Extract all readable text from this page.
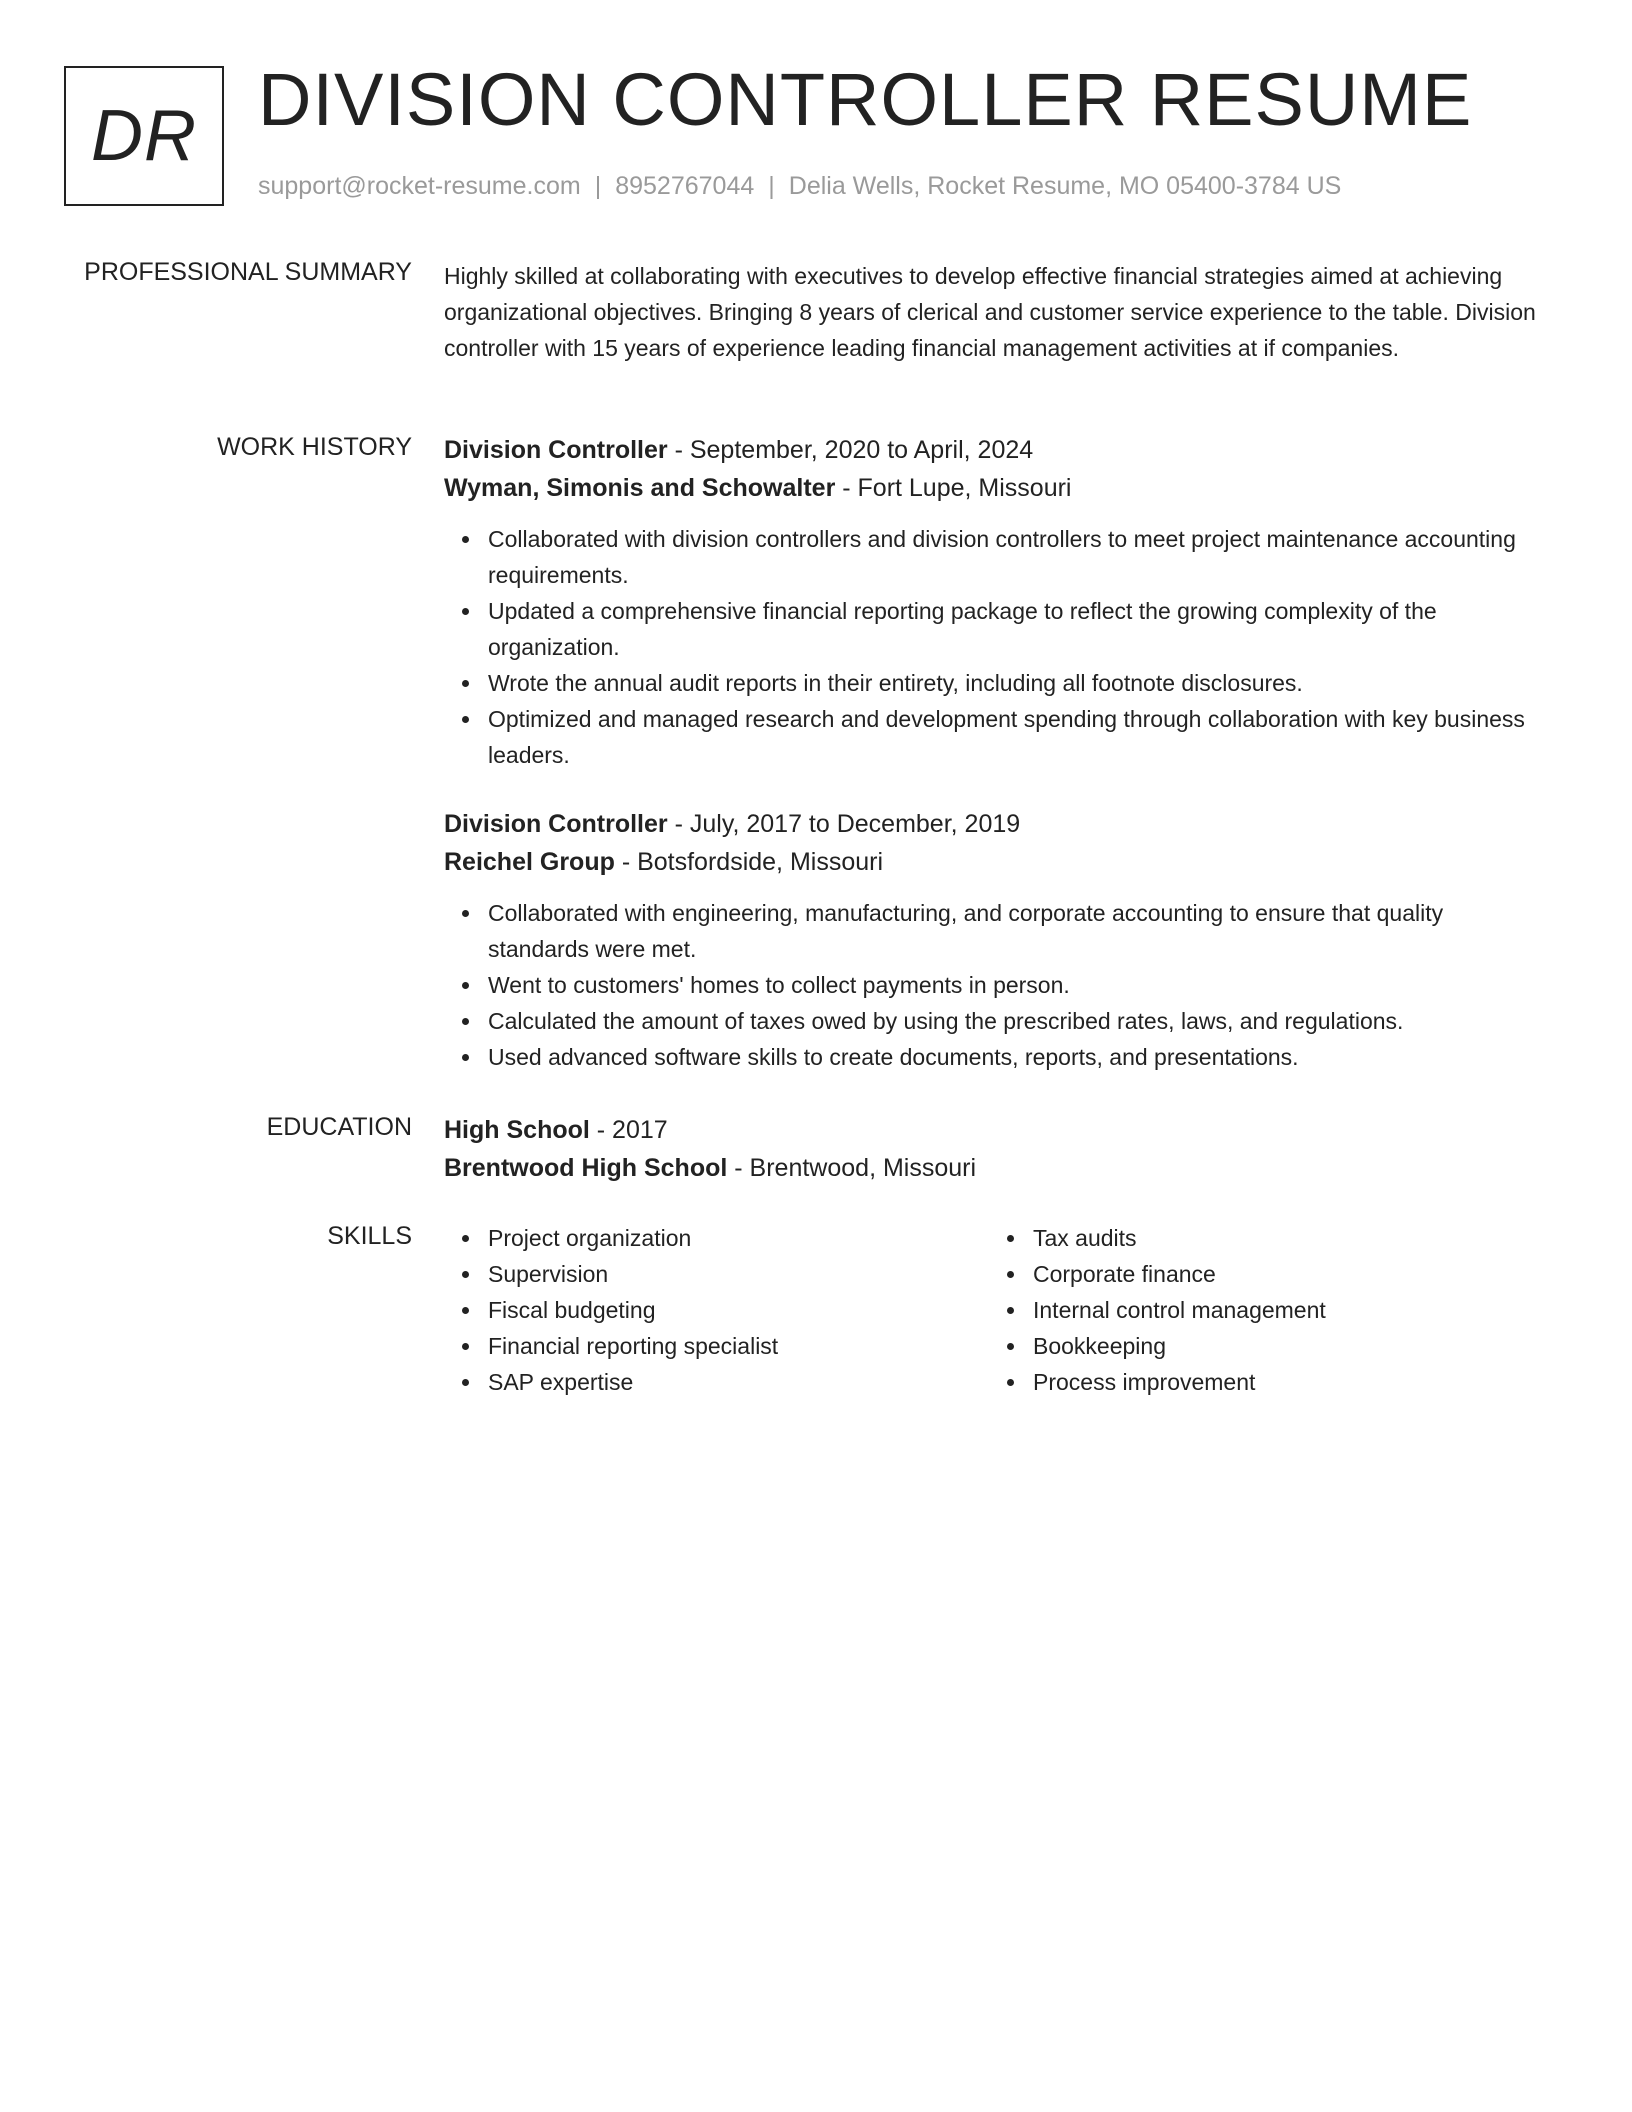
DR DIVISION CONTROLLER RESUME
support@rocket-resume.com | 8952767044 | Delia Wells, Rocket Resume, MO 05400-3784 US
PROFESSIONAL SUMMARY Highly skilled at collaborating with executives to develop effective financial strategies aimed at achieving organizational objectives. Bringing 8 years of clerical and customer service experience to the table. Division controller with 15 years of experience leading financial management activities at if companies.

WORK HISTORY Division Controller - September, 2020 to April, 2024
Wyman, Simonis and Schowalter - Fort Lupe, Missouri
Collaborated with division controllers and division controllers to meet project maintenance accounting requirements.
Updated a comprehensive financial reporting package to reflect the growing complexity of the organization.
Wrote the annual audit reports in their entirety, including all footnote disclosures.
Optimized and managed research and development spending through collaboration with key business leaders.
Division Controller - July, 2017 to December, 2019
Reichel Group - Botsfordside, Missouri
Collaborated with engineering, manufacturing, and corporate accounting to ensure that quality standards were met.
Went to customers' homes to collect payments in person.
Calculated the amount of taxes owed by using the prescribed rates, laws, and regulations.
Used advanced software skills to create documents, reports, and presentations.
EDUCATION High School - 2017
Brentwood High School - Brentwood, Missouri
SKILLS	Project organization
Supervision
Fiscal budgeting
Financial reporting specialist
SAP expertise
Tax audits
Corporate finance
Internal control management
Bookkeeping
Process improvement
